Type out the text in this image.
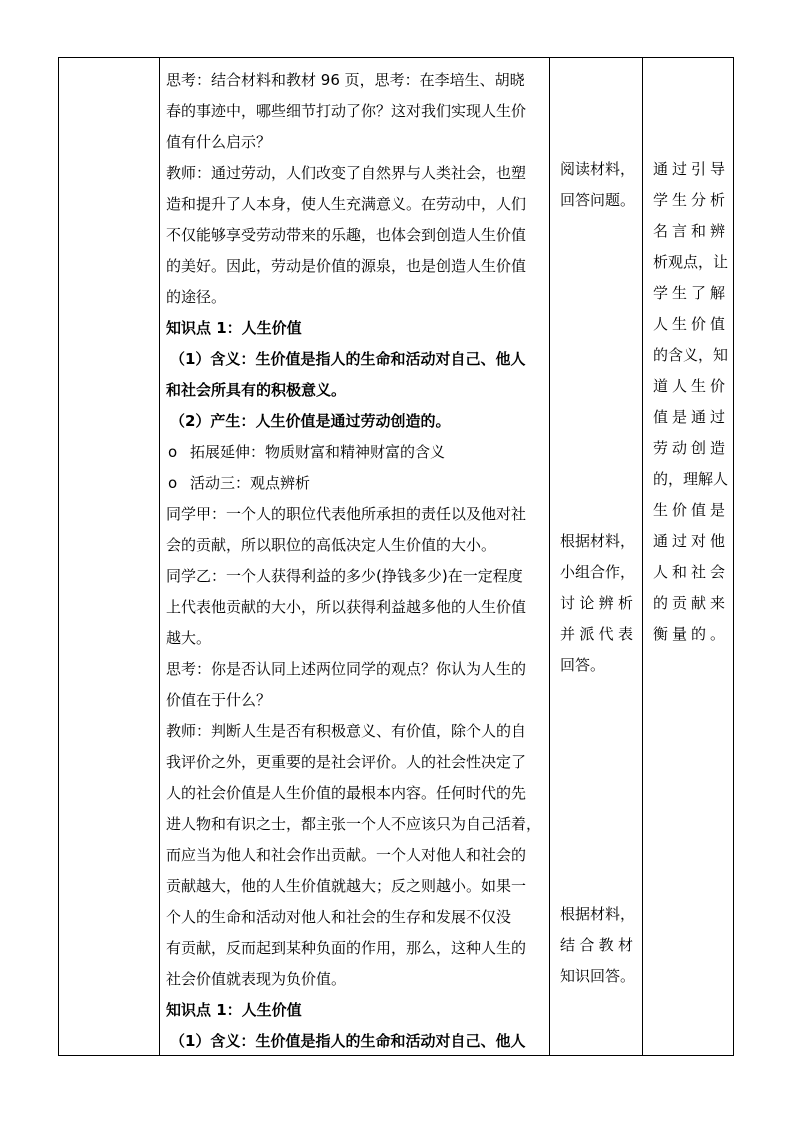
思考：结合材料和教材 96 页，思考：在李培生、胡晓
春的事迹中，哪些细节打动了你？这对我们实现人生价
值有什么启示？
教师：通过劳动，人们改变了自然界与人类社会，也塑
造和提升了人本身，使人生充满意义。在劳动中，人们
不仅能够享受劳动带来的乐趣，也体会到创造人生价值
的美好。因此，劳动是价值的源泉，也是创造人生价值
的途径。
知识点 1：人生价值
（1）含义：生价值是指人的生命和活动对自己、他人
和社会所具有的积极意义。
（2）产生：人生价值是通过劳动创造的。
o 拓展延伸：物质财富和精神财富的含义
o 活动三：观点辨析
同学甲：一个人的职位代表他所承担的责任以及他对社
会的贡献，所以职位的高低决定人生价值的大小。
同学乙：一个人获得利益的多少(挣钱多少)在一定程度
上代表他贡献的大小，所以获得利益越多他的人生价值
越大。
思考：你是否认同上述两位同学的观点？你认为人生的
价值在于什么？
教师：判断人生是否有积极意义、有价值，除个人的自
我评价之外，更重要的是社会评价。人的社会性决定了
人的社会价值是人生价值的最根本内容。任何时代的先
进人物和有识之士，都主张一个人不应该只为自己活着，
而应当为他人和社会作出贡献。一个人对他人和社会的
贡献越大，他的人生价值就越大；反之则越小。如果一
个人的生命和活动对他人和社会的生存和发展不仅没
有贡献，反而起到某种负面的作用，那么，这种人生的
社会价值就表现为负价值。
知识点 1：人生价值
（1）含义：生价值是指人的生命和活动对自己、他人
阅读材料，
回答问题。
根据材料，
小组合作，
讨论辨析
并派代表
回答。
根据材料，
结合教材
知识回答。
通过引导
学生分析
名言和辨
析观点，让
学生了解
人生价值
的含义，知
道人生价
值是通过
劳动创造
的，理解人
生价值是
通过对他
人和社会
的贡献来
衡量的。
